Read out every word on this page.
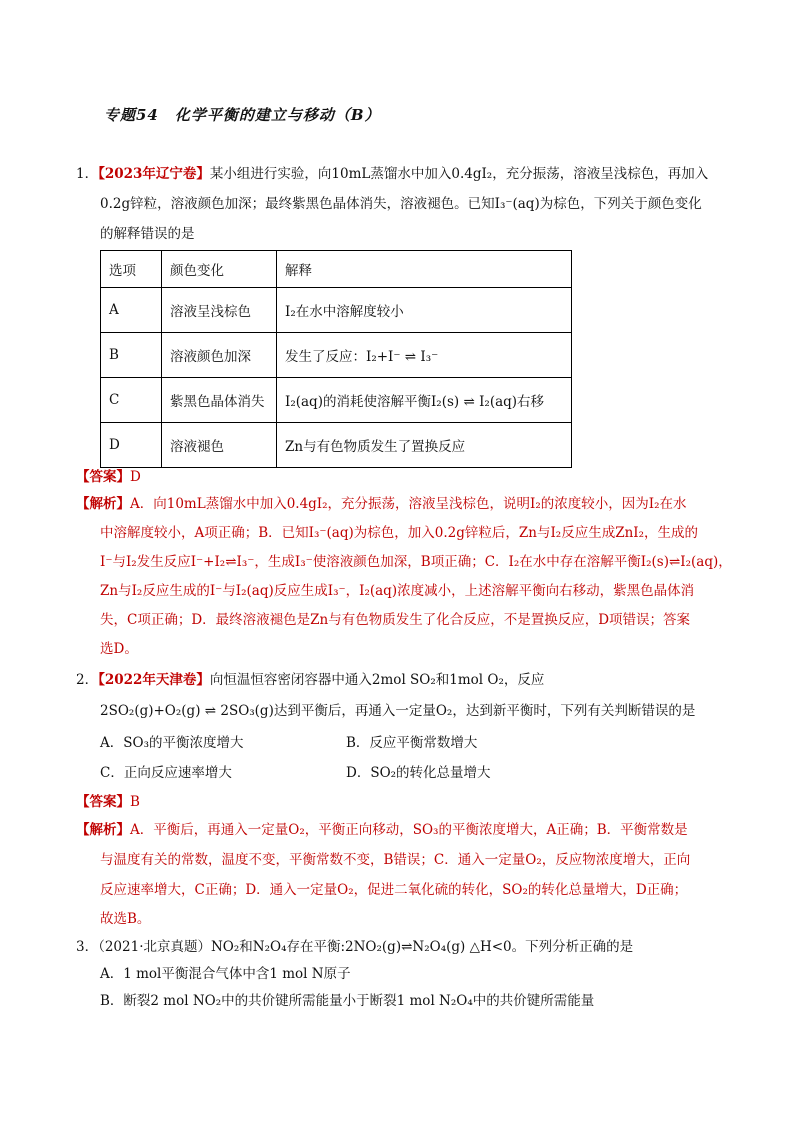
专题54　化学平衡的建立与移动（B）
1．【2023年辽宁卷】某小组进行实验，向10mL蒸馏水中加入0.4gI₂，充分振荡，溶液呈浅棕色，再加入
0.2g锌粒，溶液颜色加深；最终紫黑色晶体消失，溶液褪色。已知I₃⁻(aq)为棕色，下列关于颜色变化
的解释错误的是
选项	颜色变化	解释
A	溶液呈浅棕色	I₂在水中溶解度较小
B	溶液颜色加深	发生了反应：I₂+I⁻ ⇌ I₃⁻
C	紫黑色晶体消失	I₂(aq)的消耗使溶解平衡I₂(s) ⇌ I₂(aq)右移
D	溶液褪色	Zn与有色物质发生了置换反应
【答案】D
【解析】A．向10mL蒸馏水中加入0.4gI₂，充分振荡，溶液呈浅棕色，说明I₂的浓度较小，因为I₂在水
中溶解度较小，A项正确；B．已知I₃⁻(aq)为棕色，加入0.2g锌粒后，Zn与I₂反应生成ZnI₂，生成的
I⁻与I₂发生反应I⁻+I₂⇌I₃⁻，生成I₃⁻使溶液颜色加深，B项正确；C．I₂在水中存在溶解平衡I₂(s)⇌I₂(aq)，
Zn与I₂反应生成的I⁻与I₂(aq)反应生成I₃⁻，I₂(aq)浓度减小，上述溶解平衡向右移动，紫黑色晶体消
失，C项正确；D．最终溶液褪色是Zn与有色物质发生了化合反应，不是置换反应，D项错误；答案
选D。
2．【2022年天津卷】向恒温恒容密闭容器中通入2mol SO₂和1mol O₂，反应
2SO₂(g)+O₂(g) ⇌ 2SO₃(g)达到平衡后，再通入一定量O₂，达到新平衡时，下列有关判断错误的是
A．SO₃的平衡浓度增大	B．反应平衡常数增大
C．正向反应速率增大	D．SO₂的转化总量增大
【答案】B
【解析】A．平衡后，再通入一定量O₂，平衡正向移动，SO₃的平衡浓度增大，A正确；B．平衡常数是
与温度有关的常数，温度不变，平衡常数不变，B错误；C．通入一定量O₂，反应物浓度增大，正向
反应速率增大，C正确；D．通入一定量O₂，促进二氧化硫的转化，SO₂的转化总量增大，D正确；
故选B。
3．（2021·北京真题）NO₂和N₂O₄存在平衡:2NO₂(g)⇌N₂O₄(g) △H<0。下列分析正确的是
A．1 mol平衡混合气体中含1 mol N原子
B．断裂2 mol NO₂中的共价键所需能量小于断裂1 mol N₂O₄中的共价键所需能量
